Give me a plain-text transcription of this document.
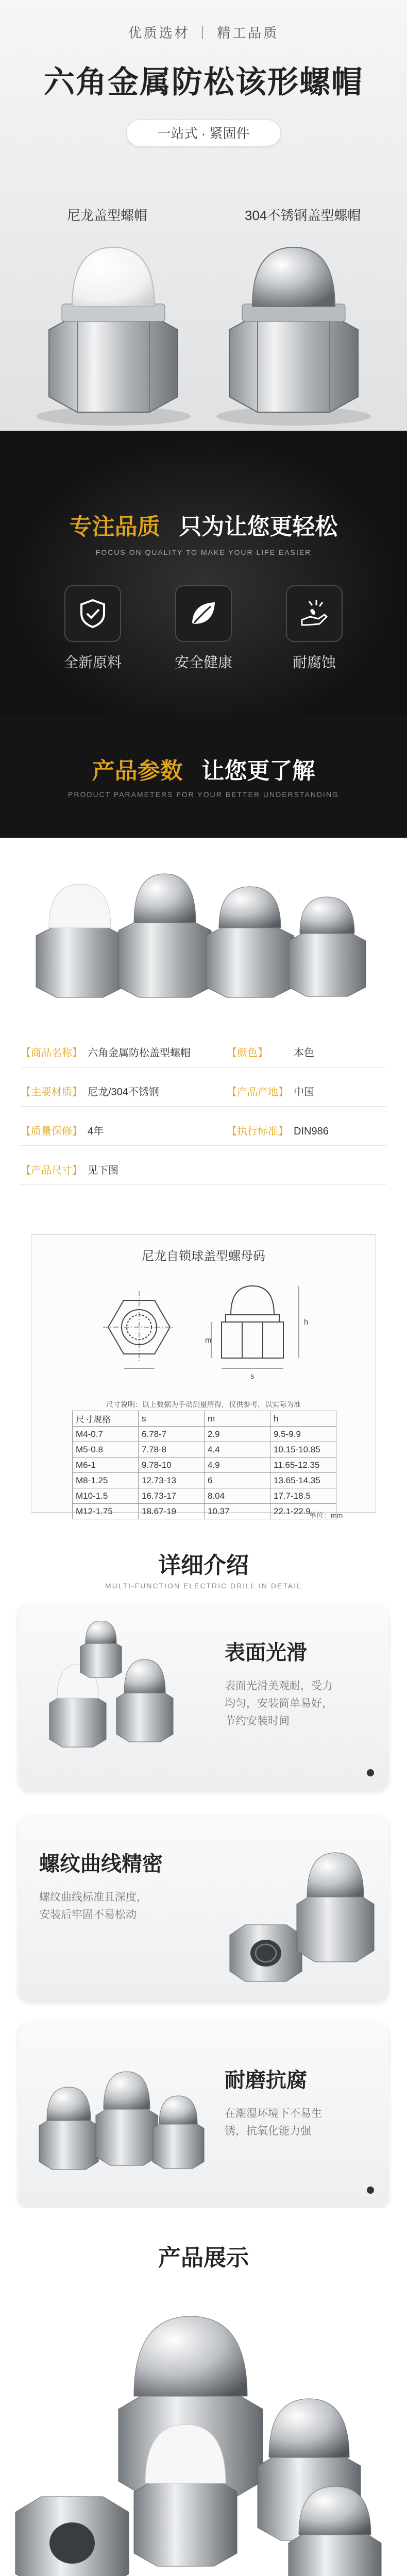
优质选材 ｜ 精工品质
六角金属防松该形螺帽
一站式 · 紧固件
尼龙盖型螺帽	304不锈钢盖型螺帽
专注品质 只为让您更轻松
FOCUS ON QUALITY TO MAKE YOUR LIFE EASIER
全新原料	安全健康	耐腐蚀
产品参数 让您更了解
PRODUCT PARAMETERS FOR YOUR BETTER UNDERSTANDING
【商品名称】 六角金属防松盖型螺帽	【颜色】	本色
【主要材质】 尼龙/304不锈钢	【产品产地】 中国
【质量保修】 4年	【执行标准】 DIN986
【产品尺寸】 见下图
尼龙自锁球盖型螺母码
h
m
s
尺寸说明：以上数据为手动测量所得，仅供参考，以实际为准
尺寸规格	s	m	h
M4-0.7	6.78-7	2.9	9.5-9.9
M5-0.8	7.78-8	4.4	10.15-10.85
M6-1	9.78-10	4.9	11.65-12.35
M8-1.25	12.73-13	6	13.65-14.35
M10-1.5	16.73-17	8.04	17.7-18.5
M12-1.75	18.67-19	10.37	22.1-22.9
单位：mm
详细介绍
MULTI-FUNCTION ELECTRIC DRILL IN DETAIL
表面光滑

表面光滑美观耐，受力

均匀，安装简单易好，

节约安装时间

螺纹曲线精密

螺纹曲线标准且深度，

安装后牢固不易松动

耐磨抗腐

在潮湿环境下不易生

锈，抗氧化能力强

产品展示
